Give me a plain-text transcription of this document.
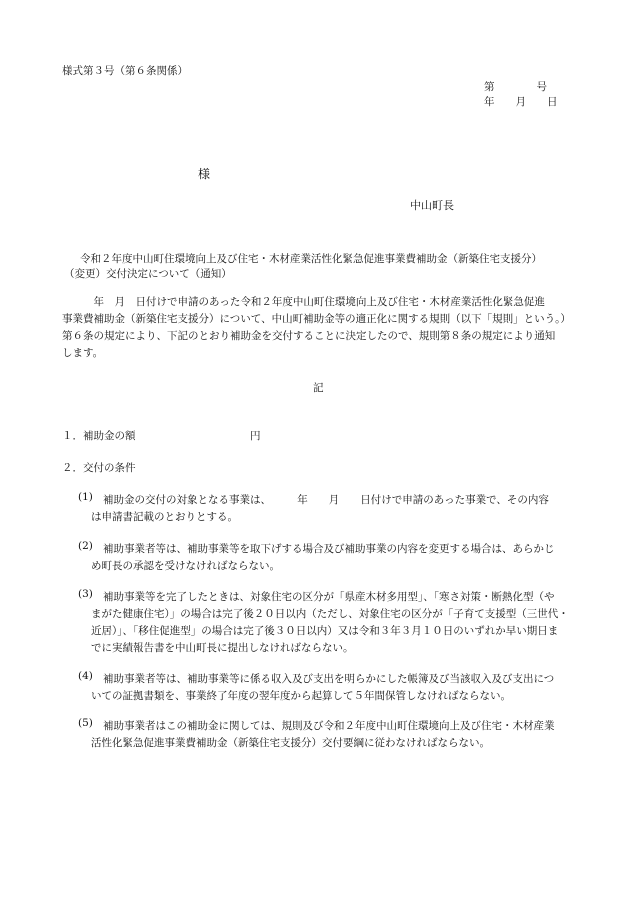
様式第３号（第６条関係）
第　　　　号
年　　月　　日
様
中山町長
令和２年度中山町住環境向上及び住宅・木材産業活性化緊急促進事業費補助金（新築住宅支援分）
（変更）交付決定について（通知）
　　　年　月　日付けで申請のあった令和２年度中山町住環境向上及び住宅・木材産業活性化緊急促進
事業費補助金（新築住宅支援分）について、中山町補助金等の適正化に関する規則（以下「規則」という。）
第６条の規定により、下記のとおり補助金を交付することに決定したので、規則第８条の規定により通知
します。
記
１．補助金の額	円
２．交付の条件
(1) 補助金の交付の対象となる事業は、　　　年　　月　　日付けで申請のあった事業で、その内容
は申請書記載のとおりとする。
(2) 補助事業者等は、補助事業等を取下げする場合及び補助事業の内容を変更する場合は、あらかじ
め町長の承認を受けなければならない。
(3) 補助事業等を完了したときは、対象住宅の区分が「県産木材多用型」、「寒さ対策・断熱化型（や
まがた健康住宅）」の場合は完了後２０日以内（ただし、対象住宅の区分が「子育て支援型（三世代・
近居）」、「移住促進型」の場合は完了後３０日以内）又は令和３年３月１０日のいずれか早い期日ま
でに実績報告書を中山町長に提出しなければならない。
(4) 補助事業者等は、補助事業等に係る収入及び支出を明らかにした帳簿及び当該収入及び支出につ
いての証拠書類を、事業終了年度の翌年度から起算して５年間保管しなければならない。
(5) 補助事業者はこの補助金に関しては、規則及び令和２年度中山町住環境向上及び住宅・木材産業
活性化緊急促進事業費補助金（新築住宅支援分）交付要綱に従わなければならない。
